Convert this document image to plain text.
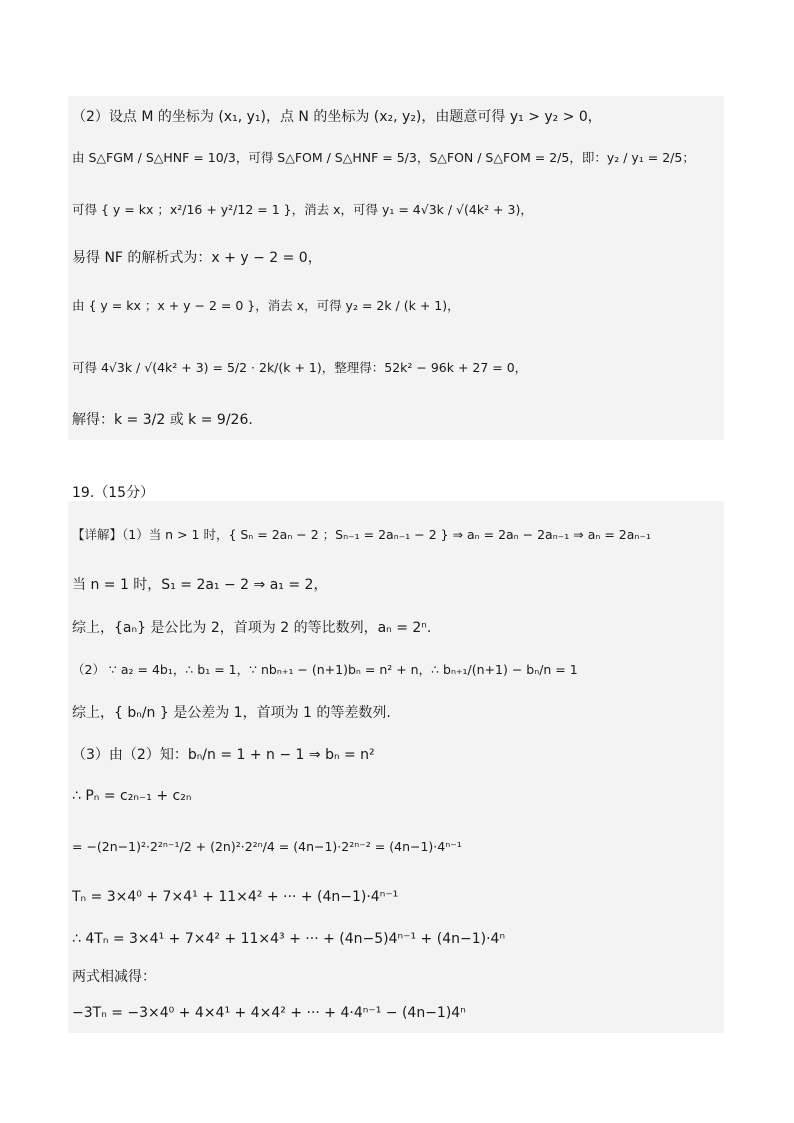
（2）设点 M 的坐标为 (x₁, y₁)，点 N 的坐标为 (x₂, y₂)，由题意可得 y₁ > y₂ > 0，
由 S△FGM / S△HNF = 10/3，可得 S△FOM / S△HNF = 5/3，S△FON / S△FOM = 2/5，即：y₂ / y₁ = 2/5；
可得 { y = kx ；x²/16 + y²/12 = 1 }，消去 x，可得 y₁ = 4√3k / √(4k² + 3)，
易得 NF 的解析式为：x + y − 2 = 0，
由 { y = kx ；x + y − 2 = 0 }，消去 x，可得 y₂ = 2k / (k + 1)，
可得 4√3k / √(4k² + 3) = 5/2 · 2k/(k + 1)，整理得：52k² − 96k + 27 = 0，
解得：k = 3/2 或 k = 9/26.
19.（15分）
【详解】（1）当 n > 1 时，{ Sₙ = 2aₙ − 2 ；Sₙ₋₁ = 2aₙ₋₁ − 2 } ⇒ aₙ = 2aₙ − 2aₙ₋₁ ⇒ aₙ = 2aₙ₋₁
当 n = 1 时，S₁ = 2a₁ − 2 ⇒ a₁ = 2，
综上，{aₙ} 是公比为 2，首项为 2 的等比数列，aₙ = 2ⁿ.
（2） ∵ a₂ = 4b₁，∴ b₁ = 1，∵ nbₙ₊₁ − (n+1)bₙ = n² + n，∴ bₙ₊₁/(n+1) − bₙ/n = 1
综上，{ bₙ/n } 是公差为 1，首项为 1 的等差数列.
（3）由（2）知：bₙ/n = 1 + n − 1 ⇒ bₙ = n²
∴ Pₙ = c₂ₙ₋₁ + c₂ₙ
= −(2n−1)²·2²ⁿ⁻¹/2 + (2n)²·2²ⁿ/4 = (4n−1)·2²ⁿ⁻² = (4n−1)·4ⁿ⁻¹
Tₙ = 3×4⁰ + 7×4¹ + 11×4² + ··· + (4n−1)·4ⁿ⁻¹
∴ 4Tₙ = 3×4¹ + 7×4² + 11×4³ + ··· + (4n−5)4ⁿ⁻¹ + (4n−1)·4ⁿ
两式相减得：
−3Tₙ = −3×4⁰ + 4×4¹ + 4×4² + ··· + 4·4ⁿ⁻¹ − (4n−1)4ⁿ
